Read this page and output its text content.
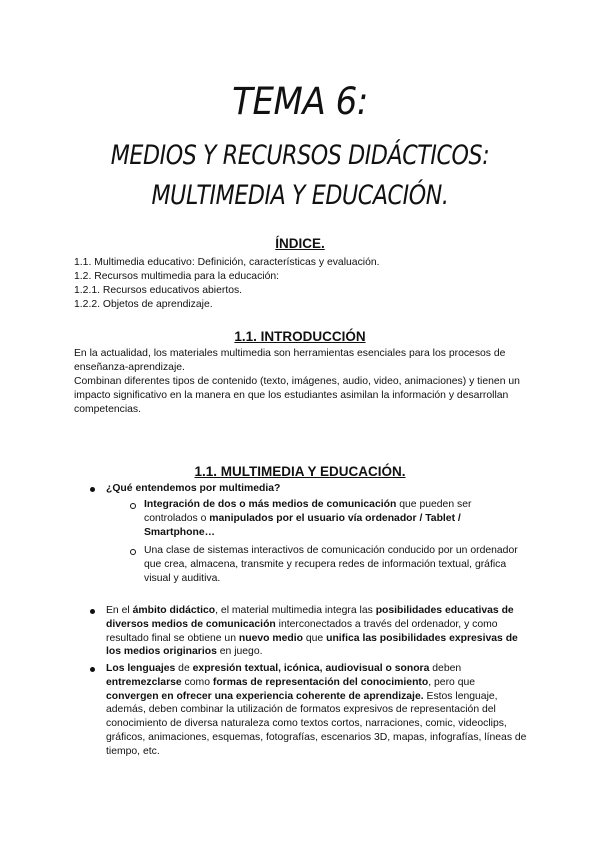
TEMA 6:
MEDIOS Y RECURSOS DIDÁCTICOS:
MULTIMEDIA Y EDUCACIÓN.
ÍNDICE.
1.1. Multimedia educativo: Definición, características y evaluación.
1.2. Recursos multimedia para la educación:
1.2.1. Recursos educativos abiertos.
1.2.2. Objetos de aprendizaje.
1.1. INTRODUCCIÓN
En la actualidad, los materiales multimedia son herramientas esenciales para los procesos de enseñanza-aprendizaje.
Combinan diferentes tipos de contenido (texto, imágenes, audio, video, animaciones) y tienen un impacto significativo en la manera en que los estudiantes asimilan la información y desarrollan competencias.
1.1. MULTIMEDIA Y EDUCACIÓN.
¿Qué entendemos por multimedia?
Integración de dos o más medios de comunicación que pueden ser controlados o manipulados por el usuario vía ordenador / Tablet / Smartphone…
Una clase de sistemas interactivos de comunicación conducido por un ordenador que crea, almacena, transmite y recupera redes de información textual, gráfica visual y auditiva.
En el ámbito didáctico, el material multimedia integra las posibilidades educativas de diversos medios de comunicación interconectados a través del ordenador, y como resultado final se obtiene un nuevo medio que unifica las posibilidades expresivas de los medios originarios en juego.
Los lenguajes de expresión textual, icónica, audiovisual o sonora deben entremezclarse como formas de representación del conocimiento, pero que convergen en ofrecer una experiencia coherente de aprendizaje. Estos lenguaje, además, deben combinar la utilización de formatos expresivos de representación del conocimiento de diversa naturaleza como textos cortos, narraciones, comic, videoclips, gráficos, animaciones, esquemas, fotografías, escenarios 3D, mapas, infografías, líneas de tiempo, etc.
